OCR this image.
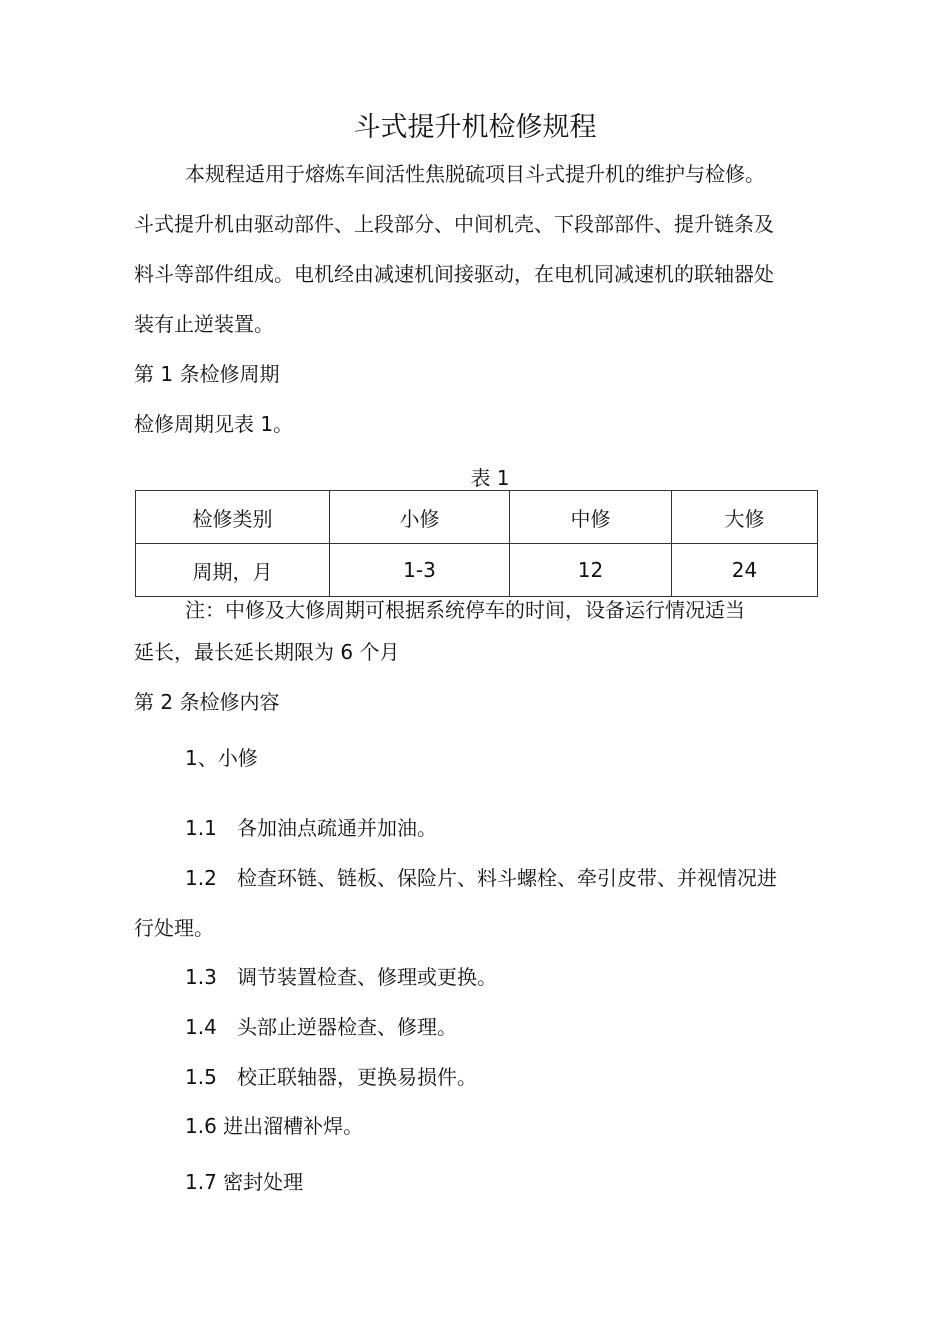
斗式提升机检修规程

本规程适用于熔炼车间活性焦脱硫项目斗式提升机的维护与检修。

斗式提升机由驱动部件、上段部分、中间机壳、下段部部件、提升链条及

料斗等部件组成。电机经由减速机间接驱动，在电机同减速机的联轴器处

装有止逆装置。

第 1 条检修周期

检修周期见表 1。

表 1
检修类别	小修	中修	大修
周期，月	1-3	12	24

注：中修及大修周期可根据系统停车的时间，设备运行情况适当

延长，最长延长期限为 6 个月

第 2 条检修内容

1、小修

1.1 各加油点疏通并加油。

1.2 检查环链、链板、保险片、料斗螺栓、牵引皮带、并视情况进

行处理。

1.3 调节装置检查、修理或更换。

1.4 头部止逆器检查、修理。

1.5 校正联轴器，更换易损件。

1.6 进出溜槽补焊。

1.7 密封处理
